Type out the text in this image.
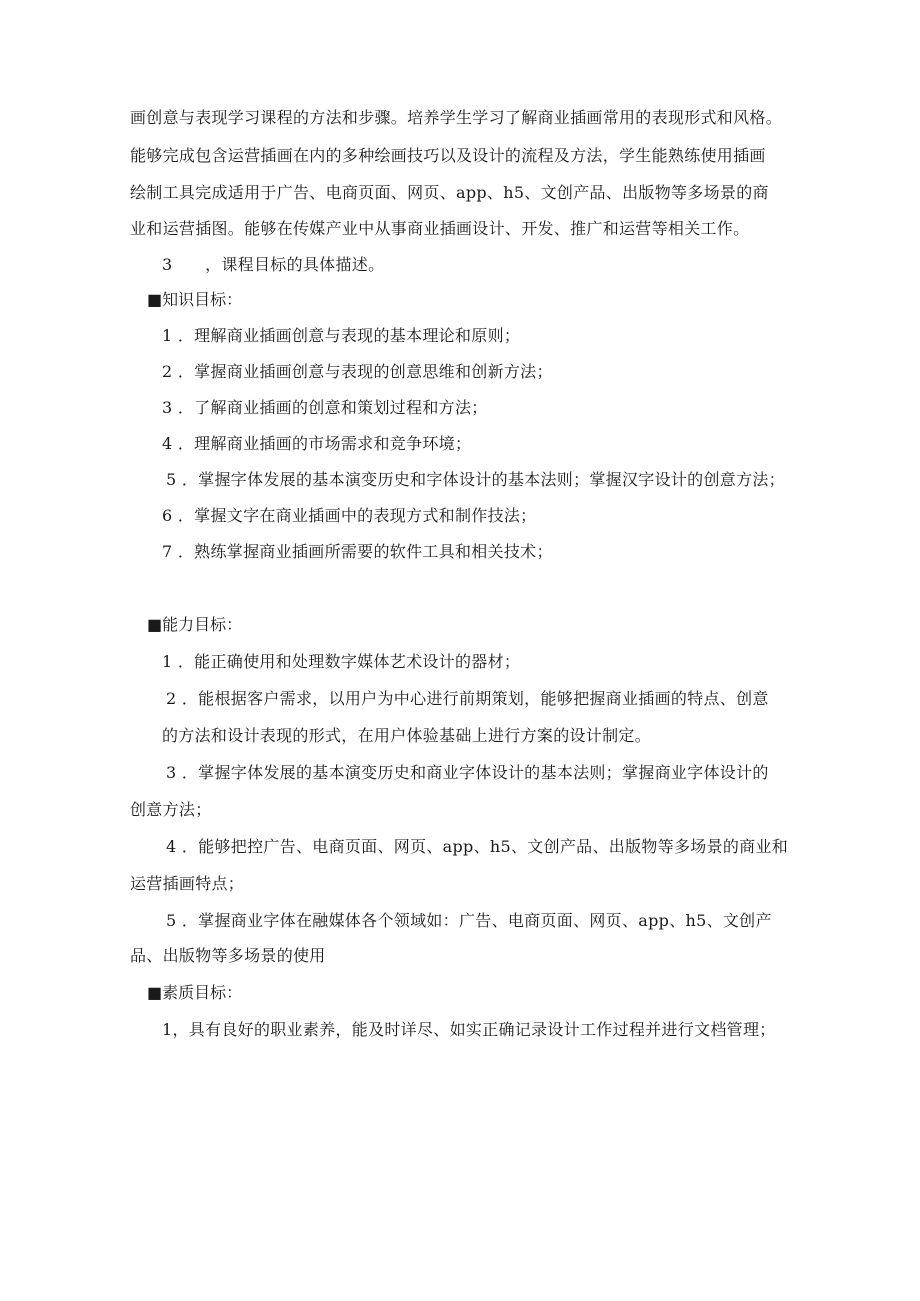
画创意与表现学习课程的方法和步骤。培养学生学习了解商业插画常用的表现形式和风格。
能够完成包含运营插画在内的多种绘画技巧以及设计的流程及方法，学生能熟练使用插画
绘制工具完成适用于广告、电商页面、网页、app、h5、文创产品、出版物等多场景的商
业和运营插图。能够在传媒产业中从事商业插画设计、开发、推广和运营等相关工作。
3　　，课程目标的具体描述。
■知识目标：
1 ．理解商业插画创意与表现的基本理论和原则；
2 ．掌握商业插画创意与表现的创意思维和创新方法；
3 ．了解商业插画的创意和策划过程和方法；
4 ．理解商业插画的市场需求和竞争环境；
5 ．掌握字体发展的基本演变历史和字体设计的基本法则；掌握汉字设计的创意方法；
6 ．掌握文字在商业插画中的表现方式和制作技法；
7 ．熟练掌握商业插画所需要的软件工具和相关技术；
■能力目标：
1 ．能正确使用和处理数字媒体艺术设计的器材；
2 ．能根据客户需求，以用户为中心进行前期策划，能够把握商业插画的特点、创意
的方法和设计表现的形式，在用户体验基础上进行方案的设计制定。
3 ．掌握字体发展的基本演变历史和商业字体设计的基本法则；掌握商业字体设计的
创意方法；
4 ．能够把控广告、电商页面、网页、app、h5、文创产品、出版物等多场景的商业和
运营插画特点；
5 ．掌握商业字体在融媒体各个领域如：广告、电商页面、网页、app、h5、文创产
品、出版物等多场景的使用
■素质目标：
1，具有良好的职业素养，能及时详尽、如实正确记录设计工作过程并进行文档管理；
